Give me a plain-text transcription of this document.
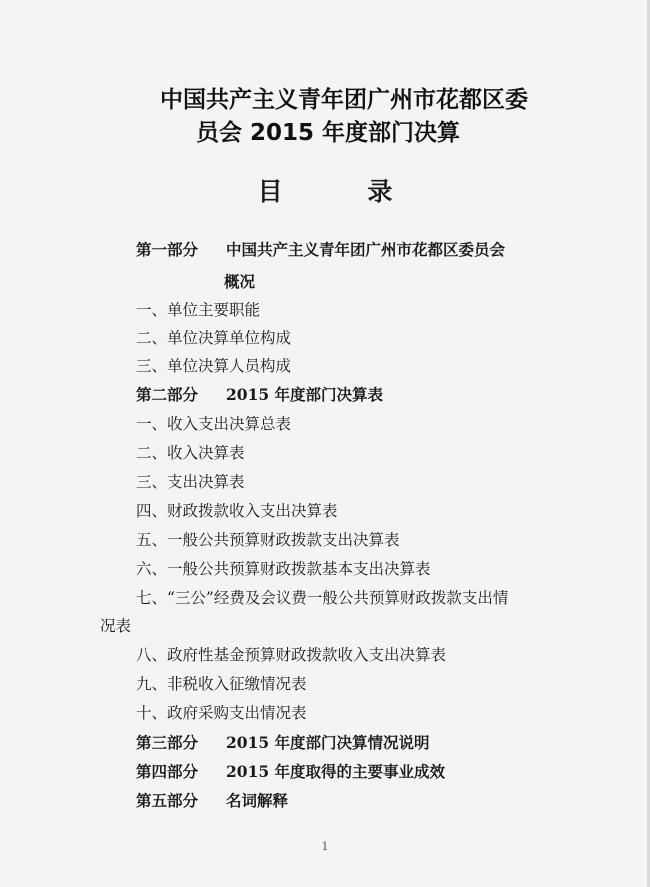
中国共产主义青年团广州市花都区委
员会 2015 年度部门决算
目 录
第一部分 中国共产主义青年团广州市花都区委员会
概况
一、单位主要职能
二、单位决算单位构成
三、单位决算人员构成
第二部分 2015 年度部门决算表
一、收入支出决算总表
二、收入决算表
三、支出决算表
四、财政拨款收入支出决算表
五、一般公共预算财政拨款支出决算表
六、一般公共预算财政拨款基本支出决算表
七、“三公”经费及会议费一般公共预算财政拨款支出情
况表
八、政府性基金预算财政拨款收入支出决算表
九、非税收入征缴情况表
十、政府采购支出情况表
第三部分 2015 年度部门决算情况说明
第四部分 2015 年度取得的主要事业成效
第五部分 名词解释
1
